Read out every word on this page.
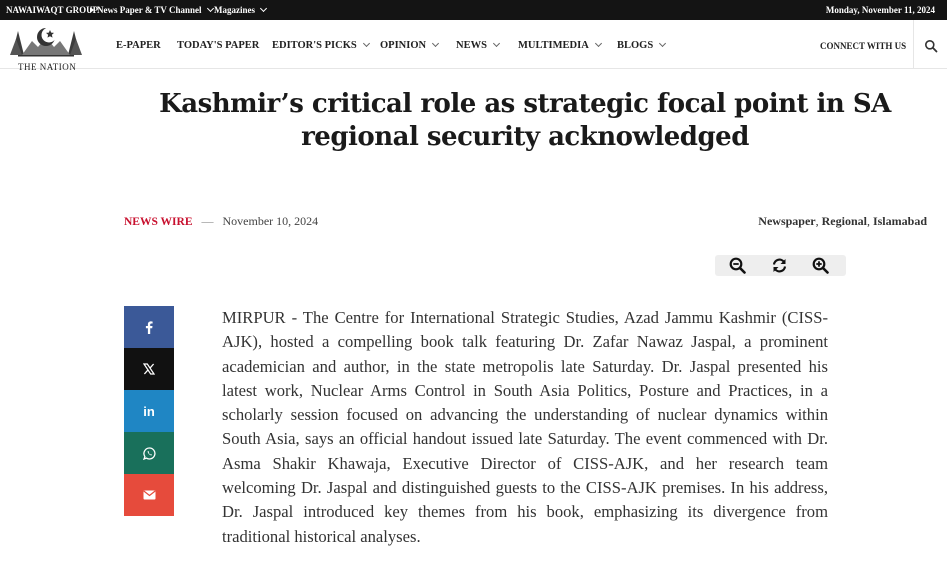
NAWAIWAQT GROUP
News Paper & TV Channel Magazines	Monday, November 11, 2024
THE NATION
E-PAPER TODAY'S PAPER EDITOR'S PICKS OPINION	NEWS	MULTIMEDIA	BLOGS	CONNECT WITH US
Kashmir’s critical role as strategic focal point in SA regional security acknowledged
NEWS WIRE — November 10, 2024	Newspaper, Regional, Islamabad
in
MIRPUR - The Centre for International Strategic Studies, Azad Jammu Kashmir (CISS-AJK), hosted a compelling book talk featuring Dr. Zafar Nawaz Jaspal, a prominent academician and author, in the state metropolis late Saturday. Dr. Jaspal presented his latest work, Nuclear Arms Control in South Asia Politics, Posture and Practices, in a scholarly session focused on advancing the understanding of nuclear dynamics within South Asia, says an official handout issued late Saturday. The event commenced with Dr. Asma Shakir Khawaja, Executive Director of CISS-AJK, and her research team welcoming Dr. Jaspal and distinguished guests to the CISS-AJK premises. In his address, Dr. Jaspal introduced key themes from his book, emphasizing its divergence from traditional historical analyses.
